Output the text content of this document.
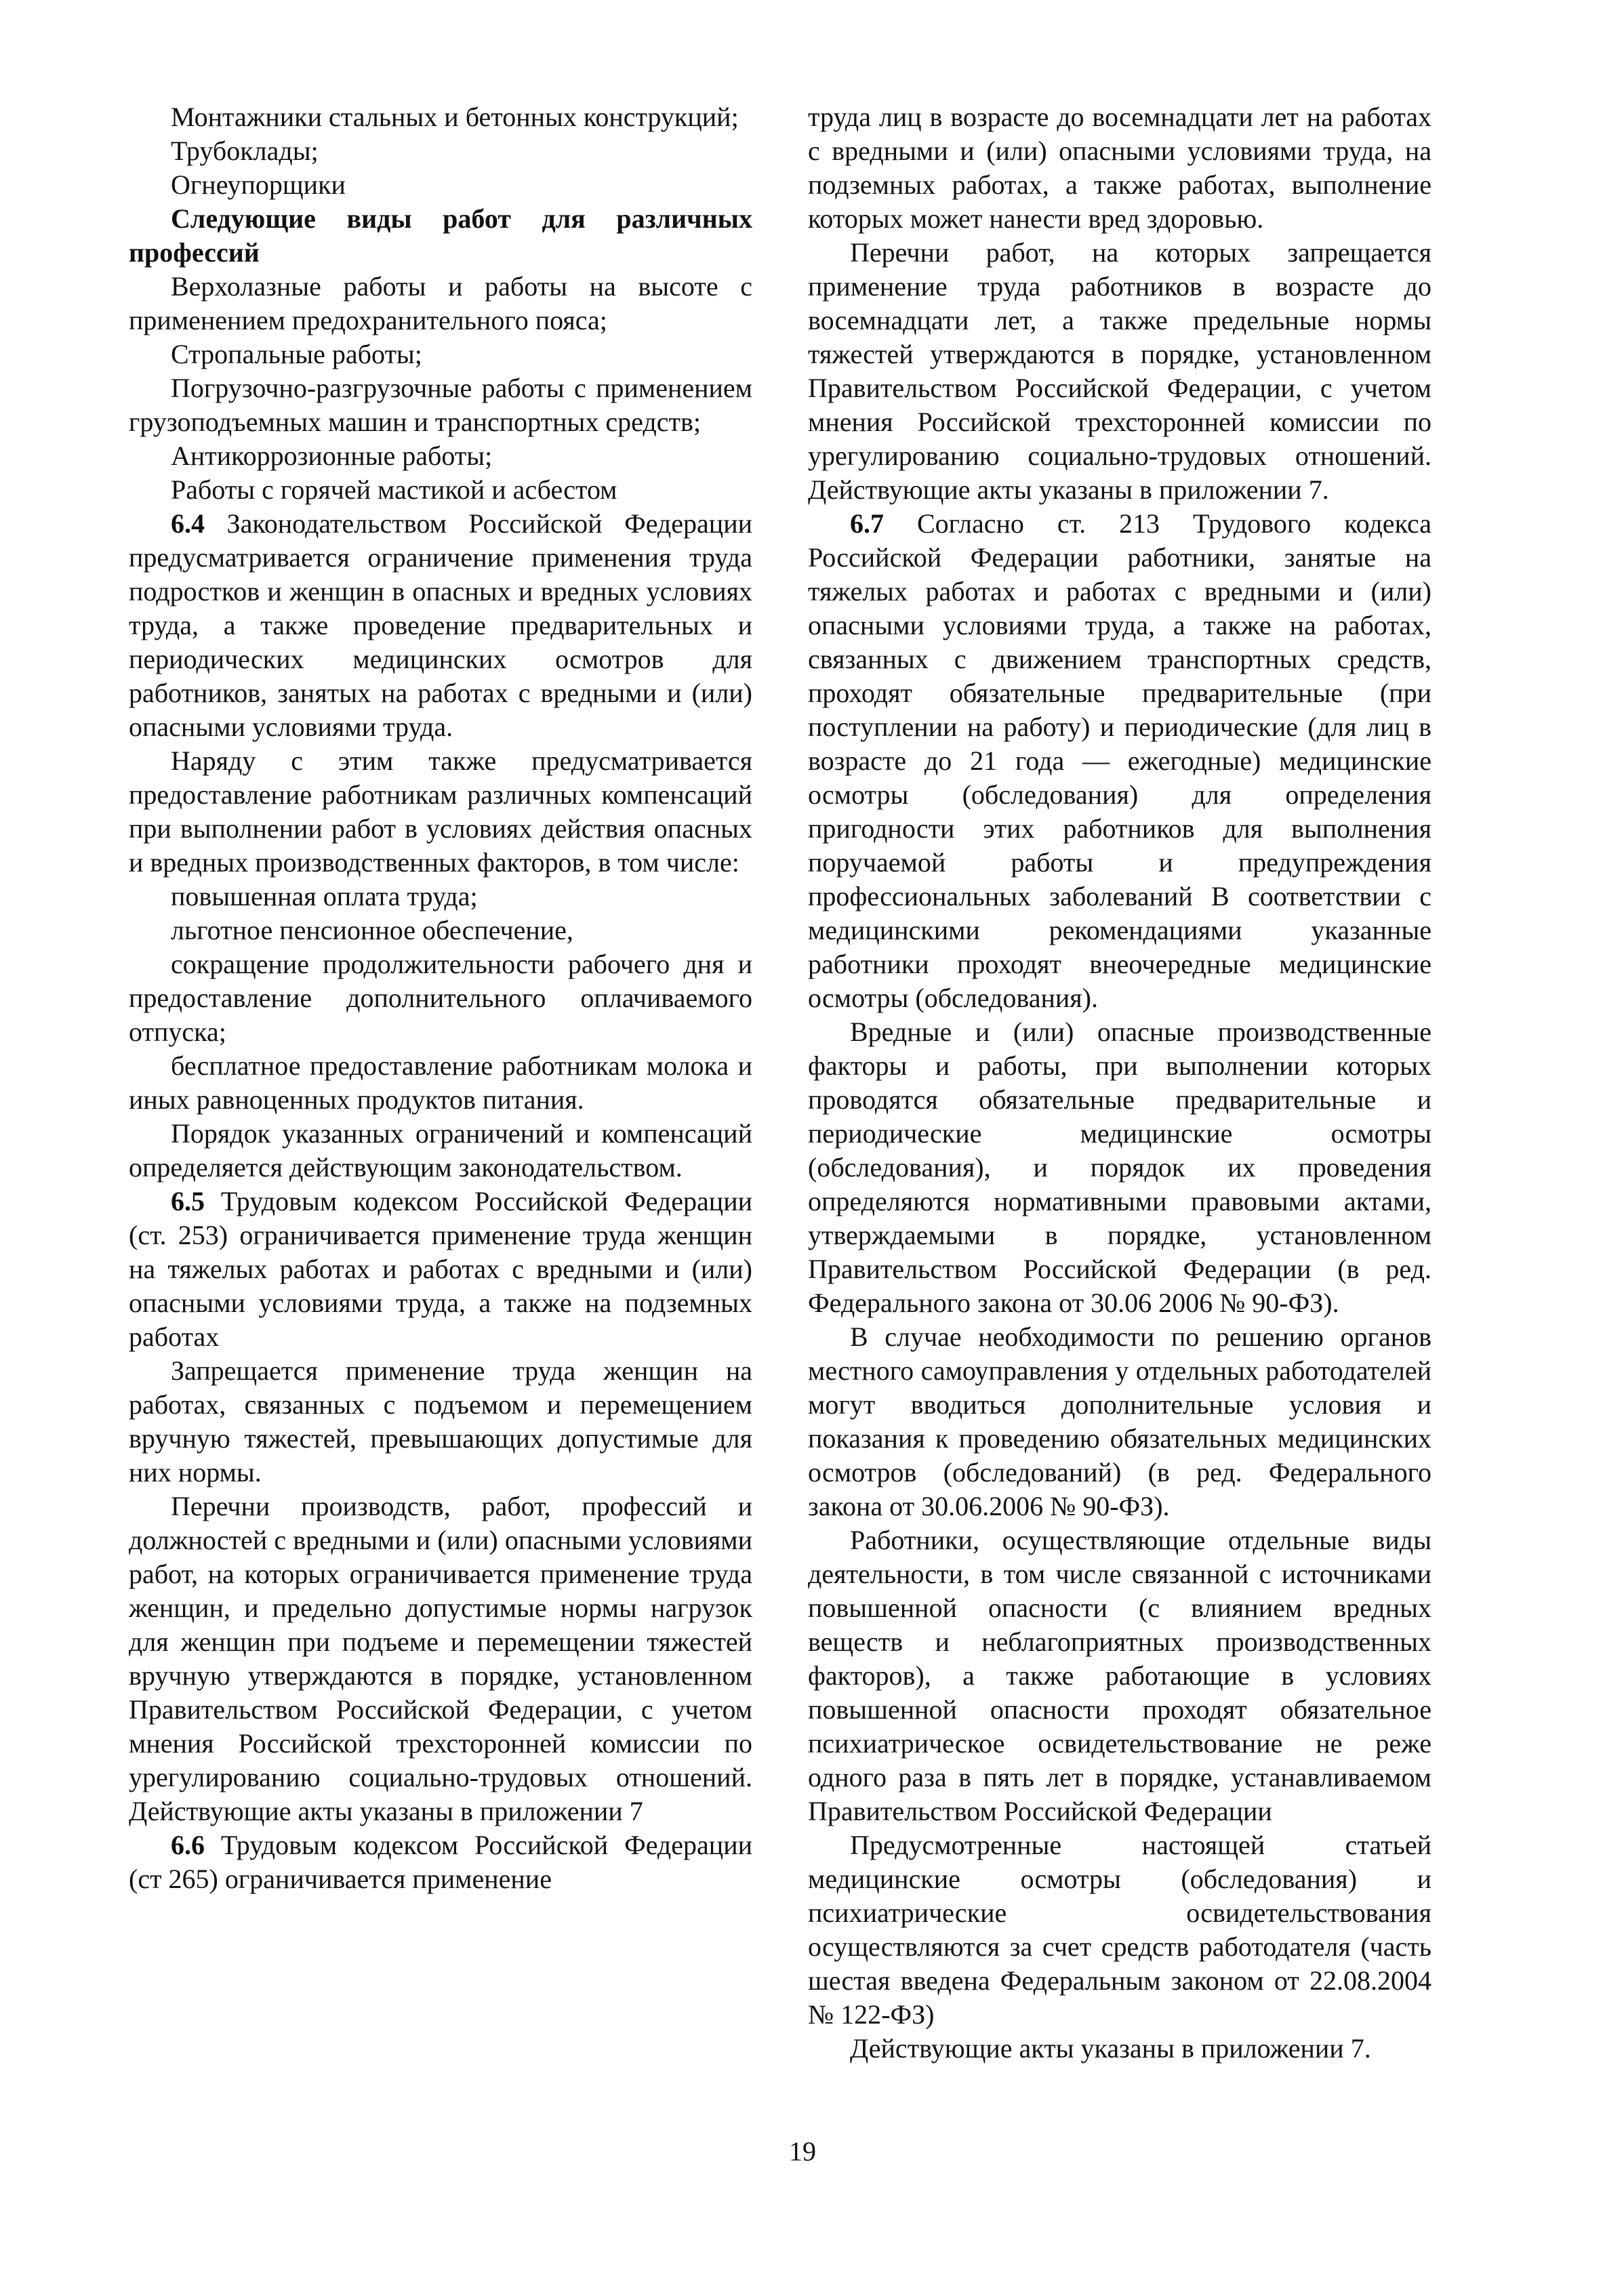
Монтажники стальных и бетонных конструкций;

Трубоклады;

Огнеупорщики

Следующие виды работ для различных профессий

Верхолазные работы и работы на высоте с применением предохранительного пояса;

Стропальные работы;

Погрузочно-разгрузочные работы с применением грузоподъемных машин и транспортных средств;

Антикоррозионные работы;

Работы с горячей мастикой и асбестом

6.4 Законодательством Российской Федерации предусматривается ограничение применения труда подростков и женщин в опасных и вредных условиях труда, а также проведение предварительных и периодических медицинских осмотров для работников, занятых на работах с вредными и (или) опасными условиями труда.

Наряду с этим также предусматривается предоставление работникам различных компенсаций при выполнении работ в условиях действия опасных и вредных производственных факторов, в том числе:

повышенная оплата труда;

льготное пенсионное обеспечение,

сокращение продолжительности рабочего дня и предоставление дополнительного оплачиваемого отпуска;

бесплатное предоставление работникам молока и иных равноценных продуктов питания.

Порядок указанных ограничений и компенсаций определяется действующим законодательством.

6.5 Трудовым кодексом Российской Федерации (ст. 253) ограничивается применение труда женщин на тяжелых работах и работах с вредными и (или) опасными условиями труда, а также на подземных работах

Запрещается применение труда женщин на работах, связанных с подъемом и перемещением вручную тяжестей, превышающих допустимые для них нормы.

Перечни производств, работ, профессий и должностей с вредными и (или) опасными условиями работ, на которых ограничивается применение труда женщин, и предельно допустимые нормы нагрузок для женщин при подъеме и перемещении тяжестей вручную утверждаются в порядке, установленном Правительством Российской Федерации, с учетом мнения Российской трехсторонней комиссии по урегулированию социально-трудовых отношений. Действующие акты указаны в приложении 7

6.6 Трудовым кодексом Российской Федерации (ст 265) ограничивается применение

труда лиц в возрасте до восемнадцати лет на работах с вредными и (или) опасными условиями труда, на подземных работах, а также работах, выполнение которых может нанести вред здоровью.

Перечни работ, на которых запрещается применение труда работников в возрасте до восемнадцати лет, а также предельные нормы тяжестей утверждаются в порядке, установленном Правительством Российской Федерации, с учетом мнения Российской трехсторонней комиссии по урегулированию социально-трудовых отношений. Действующие акты указаны в приложении 7.

6.7 Согласно ст. 213 Трудового кодекса Российской Федерации работники, занятые на тяжелых работах и работах с вредными и (или) опасными условиями труда, а также на работах, связанных с движением транспортных средств, проходят обязательные предварительные (при поступлении на работу) и периодические (для лиц в возрасте до 21 года — ежегодные) медицинские осмотры (обследования) для определения пригодности этих работников для выполнения поручаемой работы и предупреждения профессиональных заболеваний В соответствии с медицинскими рекомендациями указанные работники проходят внеочередные медицинские осмотры (обследования).

Вредные и (или) опасные производственные факторы и работы, при выполнении которых проводятся обязательные предварительные и периодические медицинские осмотры (обследования), и порядок их проведения определяются нормативными правовыми актами, утверждаемыми в порядке, установленном Правительством Российской Федерации (в ред. Федерального закона от 30.06 2006 № 90-ФЗ).

В случае необходимости по решению органов местного самоуправления у отдельных работодателей могут вводиться дополнительные условия и показания к проведению обязательных медицинских осмотров (обследований) (в ред. Федерального закона от 30.06.2006 № 90-ФЗ).

Работники, осуществляющие отдельные виды деятельности, в том числе связанной с источниками повышенной опасности (с влиянием вредных веществ и неблагоприятных производственных факторов), а также работающие в условиях повышенной опасности проходят обязательное психиатрическое освидетельствование не реже одного раза в пять лет в порядке, устанавливаемом Правительством Российской Федерации

Предусмотренные настоящей статьей медицинские осмотры (обследования) и психиатрические освидетельствования осуществляются за счет средств работодателя (часть шестая введена Федеральным законом от 22.08.2004 № 122-ФЗ)

Действующие акты указаны в приложении 7.

19
